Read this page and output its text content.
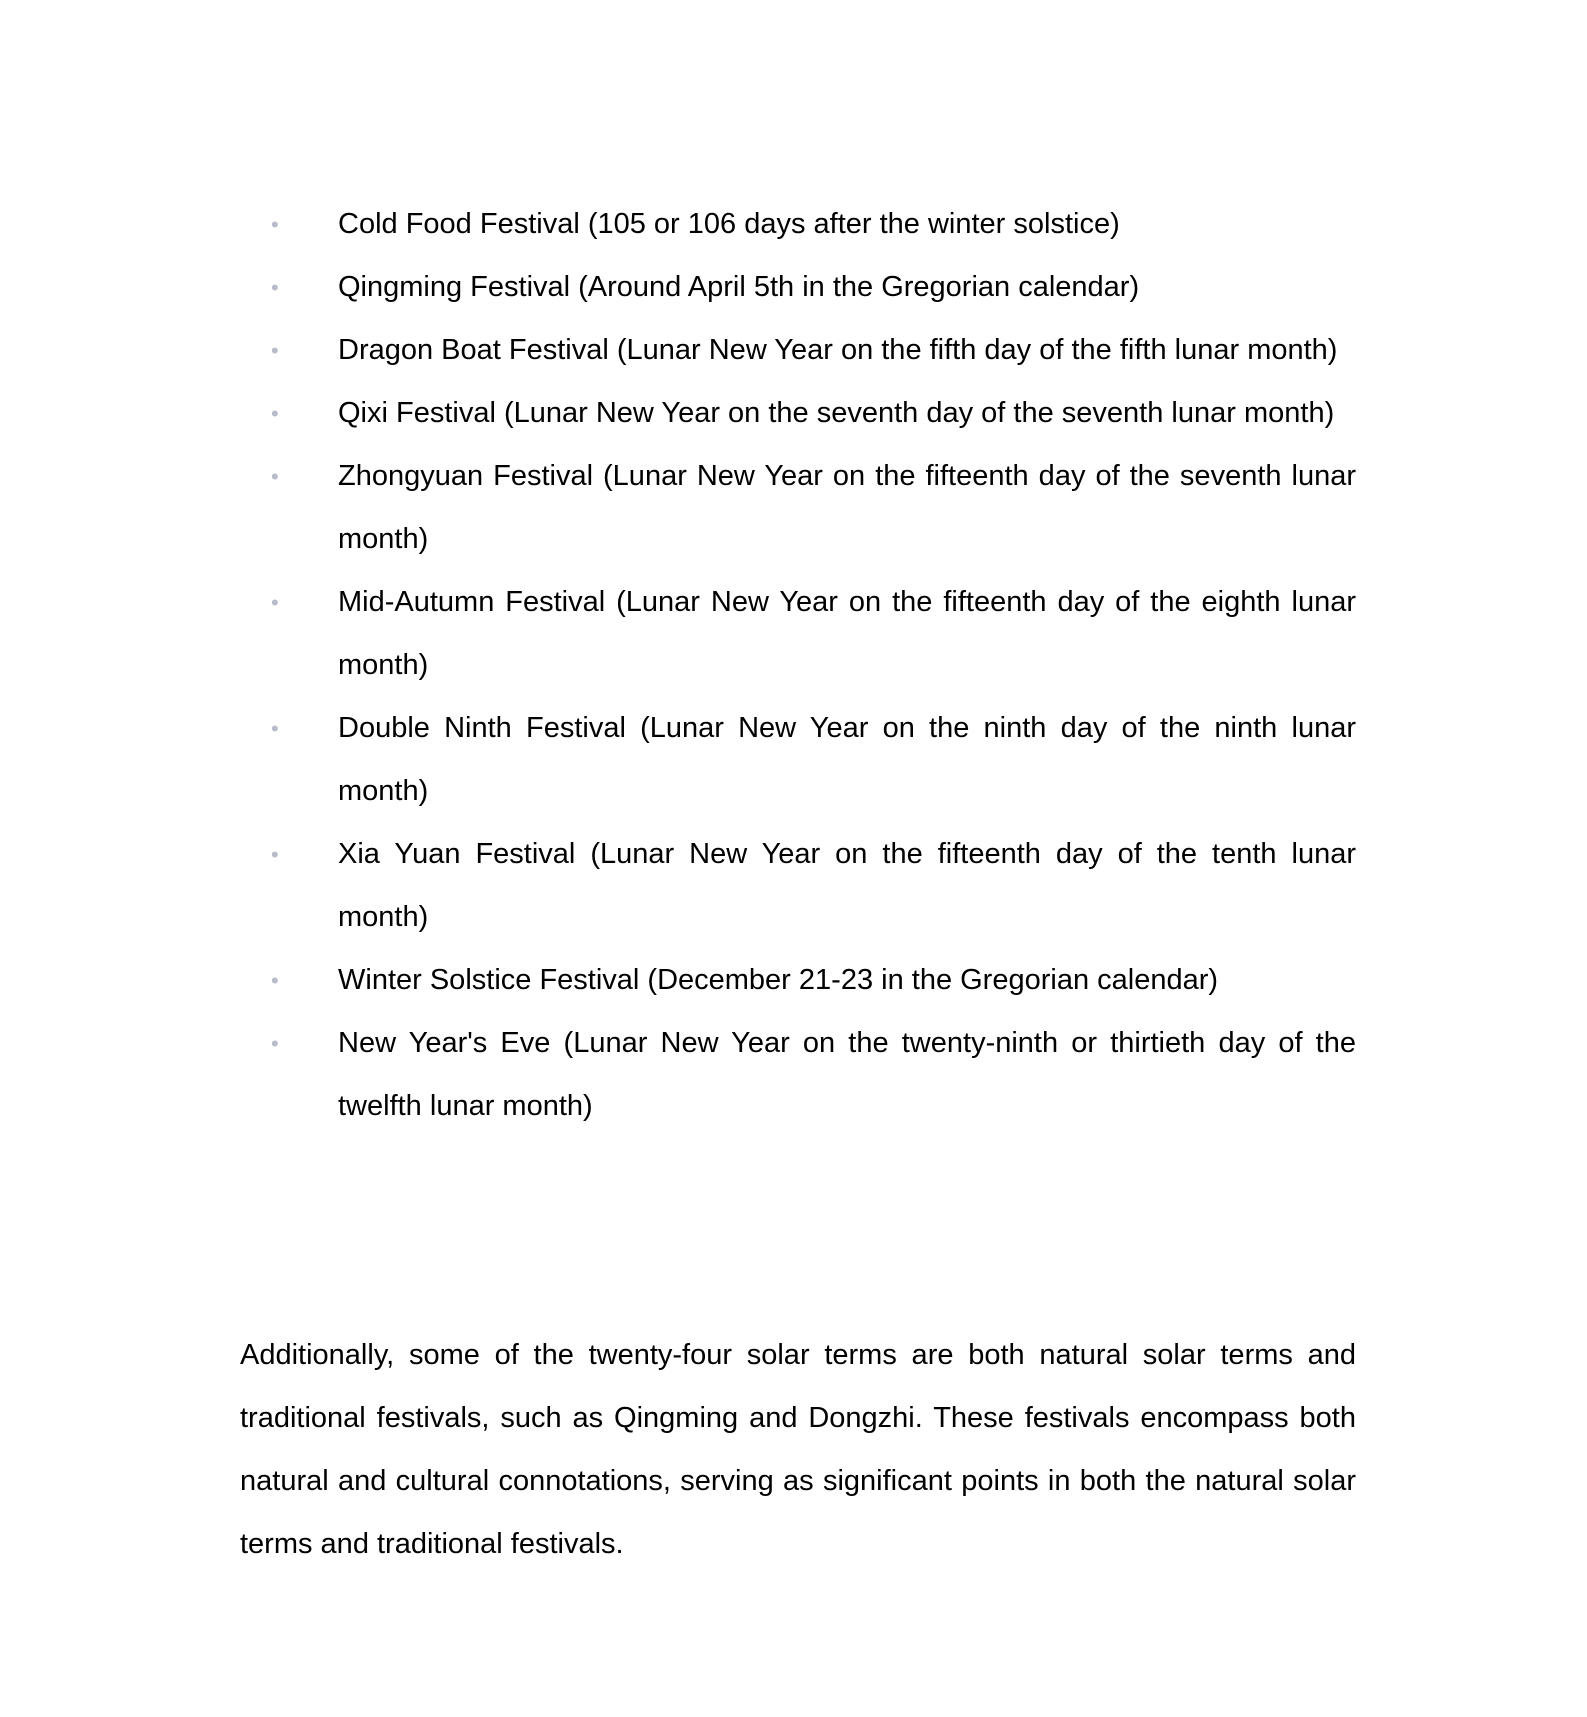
•
Cold Food Festival (105 or 106 days after the winter solstice)
•
Qingming Festival (Around April 5th in the Gregorian calendar)
•
Dragon Boat Festival (Lunar New Year on the fifth day of the fifth lunar month)
•
Qixi Festival (Lunar New Year on the seventh day of the seventh lunar month)
•
Zhongyuan Festival (Lunar New Year on the fifteenth day of the seventh lunar month)
•
Mid-Autumn Festival (Lunar New Year on the fifteenth day of the eighth lunar month)
•
Double Ninth Festival (Lunar New Year on the ninth day of the ninth lunar month)
•
Xia Yuan Festival (Lunar New Year on the fifteenth day of the tenth lunar month)
•
Winter Solstice Festival (December 21-23 in the Gregorian calendar)
•
New Year's Eve (Lunar New Year on the twenty-ninth or thirtieth day of the twelfth lunar month)

Additionally, some of the twenty-four solar terms are both natural solar terms and traditional festivals, such as Qingming and Dongzhi. These festivals encompass both natural and cultural connotations, serving as significant points in both the natural solar terms and traditional festivals.
